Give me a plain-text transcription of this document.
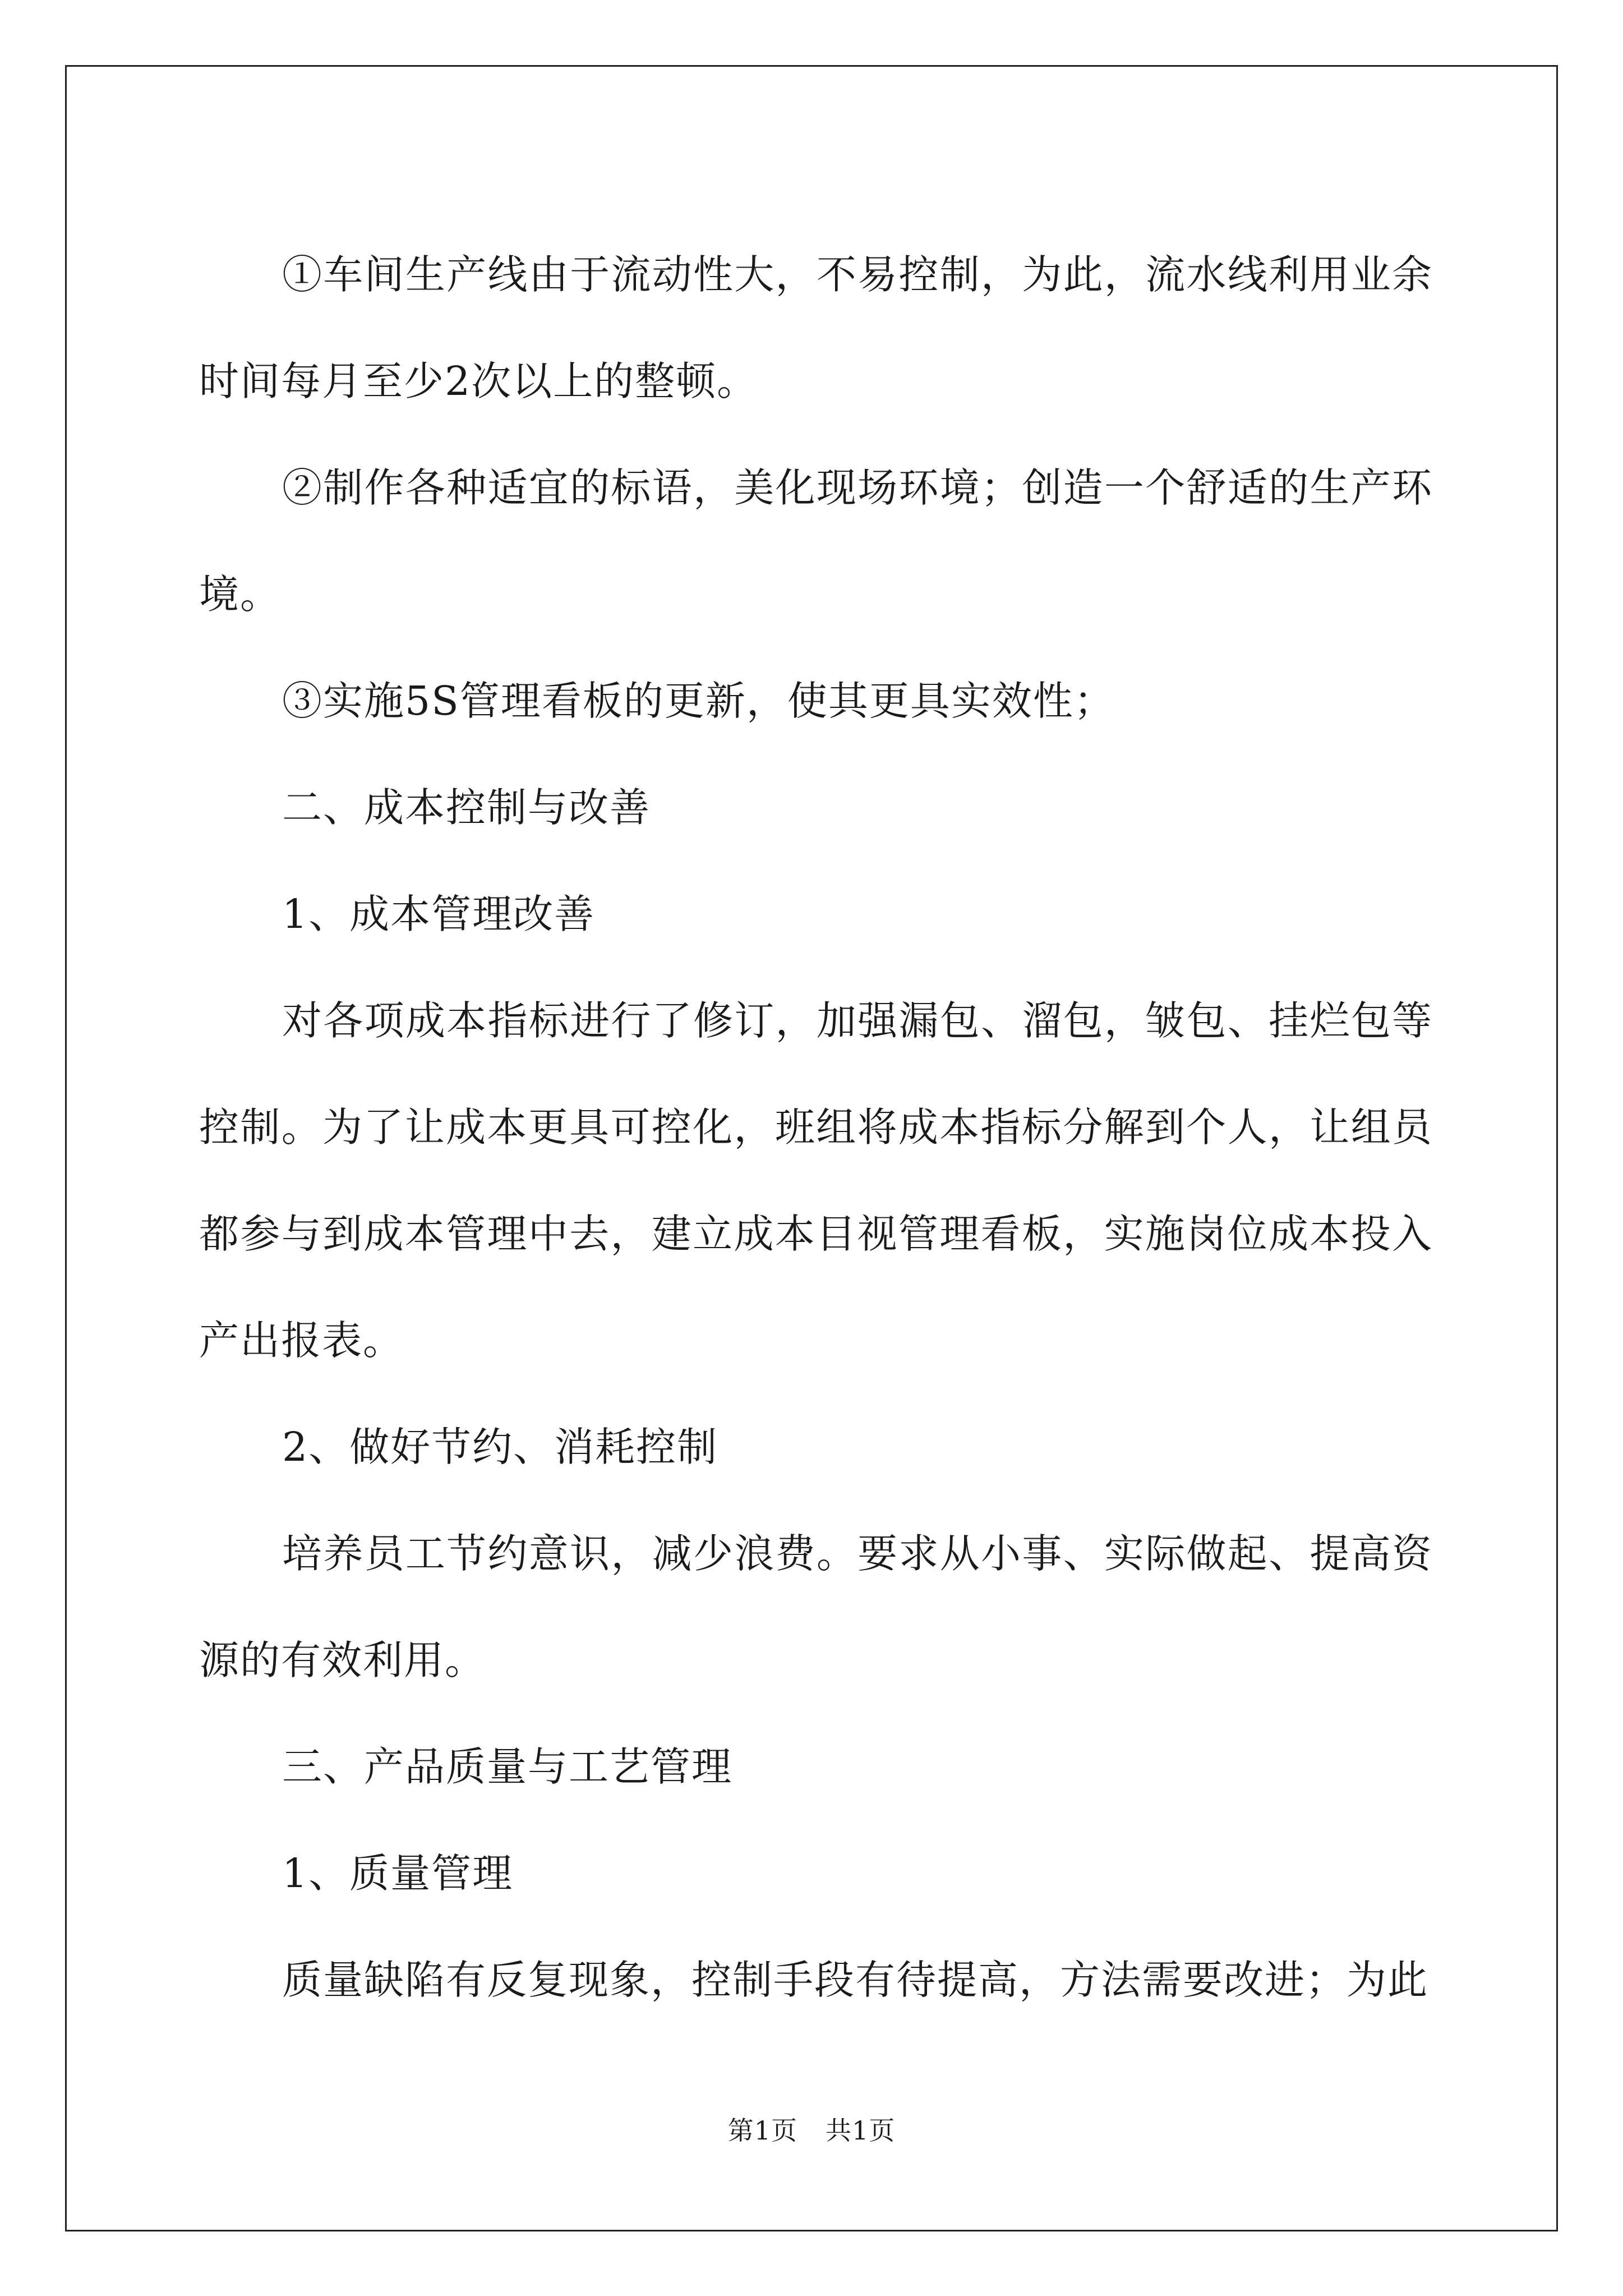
①车间生产线由于流动性大，不易控制，为此，流水线利用业余时间每月至少2次以上的整顿。

②制作各种适宜的标语，美化现场环境；创造一个舒适的生产环境。

③实施5S管理看板的更新，使其更具实效性；

二、成本控制与改善

1、成本管理改善

对各项成本指标进行了修订，加强漏包、溜包，皱包、挂烂包等控制。为了让成本更具可控化，班组将成本指标分解到个人，让组员都参与到成本管理中去，建立成本目视管理看板，实施岗位成本投入产出报表。

2、做好节约、消耗控制

培养员工节约意识，减少浪费。要求从小事、实际做起、提高资源的有效利用。

三、产品质量与工艺管理

1、质量管理

质量缺陷有反复现象，控制手段有待提高，方法需要改进；为此

第1页 共1页
